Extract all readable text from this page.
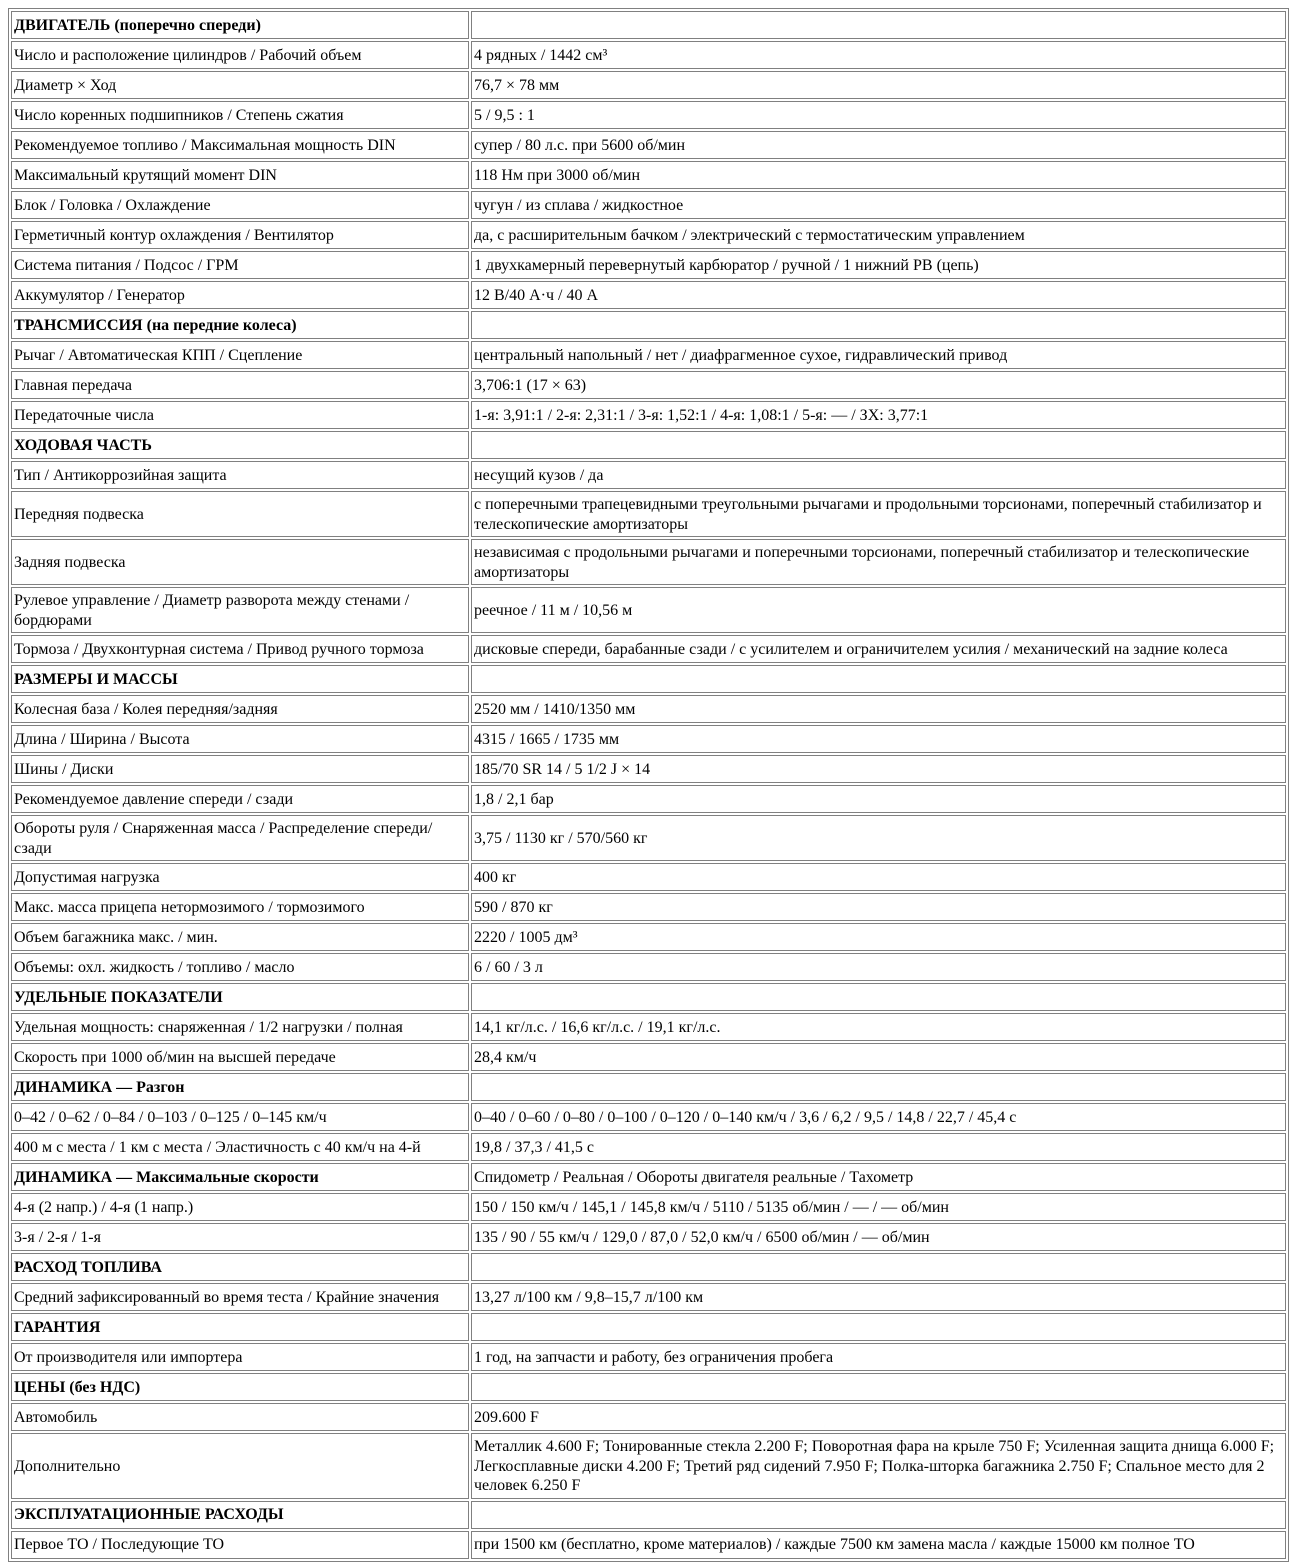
ДВИГАТЕЛЬ (поперечно спереди)	
Число и расположение цилиндров / Рабочий объем	4 рядных / 1442 см³
Диаметр × Ход	76,7 × 78 мм
Число коренных подшипников / Степень сжатия	5 / 9,5 : 1
Рекомендуемое топливо / Максимальная мощность DIN	супер / 80 л.с. при 5600 об/мин
Максимальный крутящий момент DIN	118 Нм при 3000 об/мин
Блок / Головка / Охлаждение	чугун / из сплава / жидкостное
Герметичный контур охлаждения / Вентилятор	да, с расширительным бачком / электрический с термостатическим управлением
Система питания / Подсос / ГРМ	1 двухкамерный перевернутый карбюратор / ручной / 1 нижний РВ (цепь)
Аккумулятор / Генератор	12 В/40 А·ч / 40 А
ТРАНСМИССИЯ (на передние колеса)	
Рычаг / Автоматическая КПП / Сцепление	центральный напольный / нет / диафрагменное сухое, гидравлический привод
Главная передача	3,706:1 (17 × 63)
Передаточные числа	1-я: 3,91:1 / 2-я: 2,31:1 / 3-я: 1,52:1 / 4-я: 1,08:1 / 5-я: — / ЗХ: 3,77:1
ХОДОВАЯ ЧАСТЬ	
Тип / Антикоррозийная защита	несущий кузов / да
Передняя подвеска	с поперечными трапецевидными треугольными рычагами и продольными торсионами, поперечный стабилизатор и телескопические амортизаторы
Задняя подвеска	независимая с продольными рычагами и поперечными торсионами, поперечный стабилизатор и телескопические амортизаторы
Рулевое управление / Диаметр разворота между стенами / бордюрами	реечное / 11 м / 10,56 м
Тормоза / Двухконтурная система / Привод ручного тормоза	дисковые спереди, барабанные сзади / с усилителем и ограничителем усилия / механический на задние колеса
РАЗМЕРЫ И МАССЫ	
Колесная база / Колея передняя/задняя	2520 мм / 1410/1350 мм
Длина / Ширина / Высота	4315 / 1665 / 1735 мм
Шины / Диски	185/70 SR 14 / 5 1/2 J × 14
Рекомендуемое давление спереди / сзади	1,8 / 2,1 бар
Обороты руля / Снаряженная масса / Распределение спереди/сзади	3,75 / 1130 кг / 570/560 кг
Допустимая нагрузка	400 кг
Макс. масса прицепа нетормозимого / тормозимого	590 / 870 кг
Объем багажника макс. / мин.	2220 / 1005 дм³
Объемы: охл. жидкость / топливо / масло	6 / 60 / 3 л
УДЕЛЬНЫЕ ПОКАЗАТЕЛИ	
Удельная мощность: снаряженная / 1/2 нагрузки / полная	14,1 кг/л.с. / 16,6 кг/л.с. / 19,1 кг/л.с.
Скорость при 1000 об/мин на высшей передаче	28,4 км/ч
ДИНАМИКА — Разгон	
0–42 / 0–62 / 0–84 / 0–103 / 0–125 / 0–145 км/ч	0–40 / 0–60 / 0–80 / 0–100 / 0–120 / 0–140 км/ч / 3,6 / 6,2 / 9,5 / 14,8 / 22,7 / 45,4 с
400 м с места / 1 км с места / Эластичность с 40 км/ч на 4-й	19,8 / 37,3 / 41,5 с
ДИНАМИКА — Максимальные скорости	Спидометр / Реальная / Обороты двигателя реальные / Тахометр
4-я (2 напр.) / 4-я (1 напр.)	150 / 150 км/ч / 145,1 / 145,8 км/ч / 5110 / 5135 об/мин / — / — об/мин
3-я / 2-я / 1-я	135 / 90 / 55 км/ч / 129,0 / 87,0 / 52,0 км/ч / 6500 об/мин / — об/мин
РАСХОД ТОПЛИВА	
Средний зафиксированный во время теста / Крайние значения	13,27 л/100 км / 9,8–15,7 л/100 км
ГАРАНТИЯ	
От производителя или импортера	1 год, на запчасти и работу, без ограничения пробега
ЦЕНЫ (без НДС)	
Автомобиль	209.600 F
Дополнительно	Металлик 4.600 F; Тонированные стекла 2.200 F; Поворотная фара на крыле 750 F; Усиленная защита днища 6.000 F; Легкосплавные диски 4.200 F; Третий ряд сидений 7.950 F; Полка-шторка багажника 2.750 F; Спальное место для 2 человек 6.250 F
ЭКСПЛУАТАЦИОННЫЕ РАСХОДЫ	
Первое ТО / Последующие ТО	при 1500 км (бесплатно, кроме материалов) / каждые 7500 км замена масла / каждые 15000 км полное ТО
